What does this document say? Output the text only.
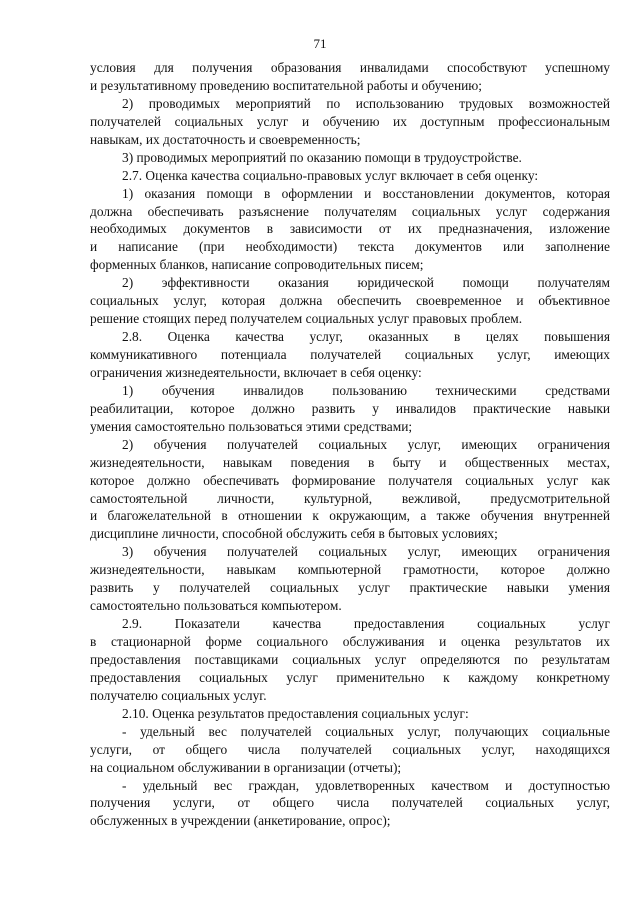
71
условия для получения образования инвалидами способствуют успешному
и результативному проведению воспитательной работы и обучению;
2) проводимых мероприятий по использованию трудовых возможностей
получателей социальных услуг и обучению их доступным профессиональным
навыкам, их достаточность и своевременность;
3) проводимых мероприятий по оказанию помощи в трудоустройстве.
2.7. Оценка качества социально-правовых услуг включает в себя оценку:
1) оказания помощи в оформлении и восстановлении документов, которая
должна обеспечивать разъяснение получателям социальных услуг содержания
необходимых документов в зависимости от их предназначения, изложение
и написание (при необходимости) текста документов или заполнение
форменных бланков, написание сопроводительных писем;
2) эффективности оказания юридической помощи получателям
социальных услуг, которая должна обеспечить своевременное и объективное
решение стоящих перед получателем социальных услуг правовых проблем.
2.8. Оценка качества услуг, оказанных в целях повышения
коммуникативного потенциала получателей социальных услуг, имеющих
ограничения жизнедеятельности, включает в себя оценку:
1) обучения инвалидов пользованию техническими средствами
реабилитации, которое должно развить у инвалидов практические навыки
умения самостоятельно пользоваться этими средствами;
2) обучения получателей социальных услуг, имеющих ограничения
жизнедеятельности, навыкам поведения в быту и общественных местах,
которое должно обеспечивать формирование получателя социальных услуг как
самостоятельной личности, культурной, вежливой, предусмотрительной
и благожелательной в отношении к окружающим, а также обучения внутренней
дисциплине личности, способной обслужить себя в бытовых условиях;
3) обучения получателей социальных услуг, имеющих ограничения
жизнедеятельности, навыкам компьютерной грамотности, которое должно
развить у получателей социальных услуг практические навыки умения
самостоятельно пользоваться компьютером.
2.9. Показатели качества предоставления социальных услуг
в стационарной форме социального обслуживания и оценка результатов их
предоставления поставщиками социальных услуг определяются по результатам
предоставления социальных услуг применительно к каждому конкретному
получателю социальных услуг.
2.10. Оценка результатов предоставления социальных услуг:
- удельный вес получателей социальных услуг, получающих социальные
услуги, от общего числа получателей социальных услуг, находящихся
на социальном обслуживании в организации (отчеты);
- удельный вес граждан, удовлетворенных качеством и доступностью
получения услуги, от общего числа получателей социальных услуг,
обслуженных в учреждении (анкетирование, опрос);
